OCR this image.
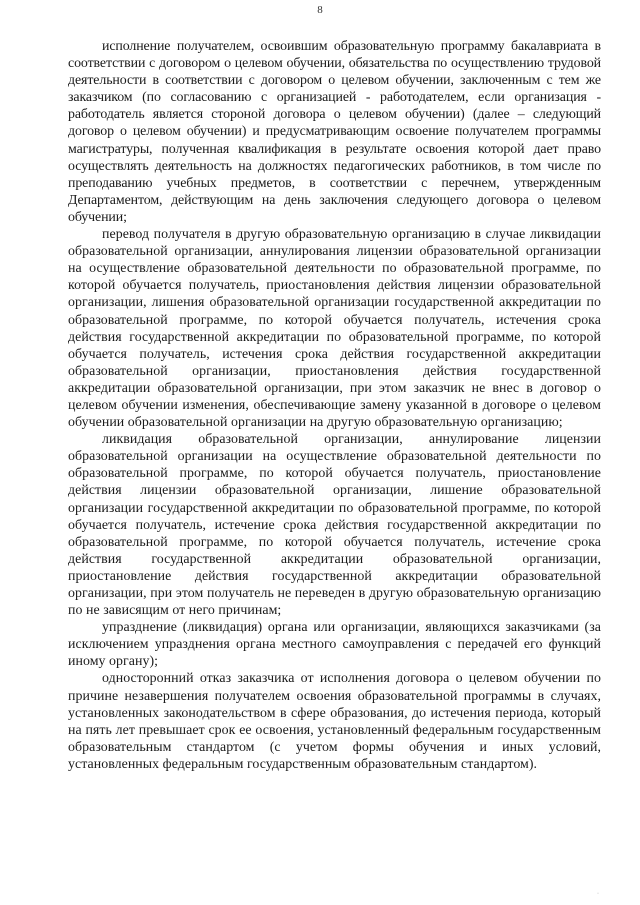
8

исполнение получателем, освоившим образовательную программу бакалавриата в соответствии с договором о целевом обучении, обязательства по осуществлению трудовой деятельности в соответствии с договором о целевом обучении, заключенным с тем же заказчиком (по согласованию с организацией - работодателем, если организация - работодатель является стороной договора о целевом обучении) (далее – следующий договор о целевом обучении) и предусматривающим освоение получателем программы магистратуры, полученная квалификация в результате освоения которой дает право осуществлять деятельность на должностях педагогических работников, в том числе по преподаванию учебных предметов, в соответствии с перечнем, утвержденным Департаментом, действующим на день заключения следующего договора о целевом обучении;

перевод получателя в другую образовательную организацию в случае ликвидации образовательной организации, аннулирования лицензии образовательной организации на осуществление образовательной деятельности по образовательной программе, по которой обучается получатель, приостановления действия лицензии образовательной организации, лишения образовательной организации государственной аккредитации по образовательной программе, по которой обучается получатель, истечения срока действия государственной аккредитации по образовательной программе, по которой обучается получатель, истечения срока действия государственной аккредитации образовательной организации, приостановления действия государственной аккредитации образовательной организации, при этом заказчик не внес в договор о целевом обучении изменения, обеспечивающие замену указанной в договоре о целевом обучении образовательной организации на другую образовательную организацию;

ликвидация образовательной организации, аннулирование лицензии образовательной организации на осуществление образовательной деятельности по образовательной программе, по которой обучается получатель, приостановление действия лицензии образовательной организации, лишение образовательной организации государственной аккредитации по образовательной программе, по которой обучается получатель, истечение срока действия государственной аккредитации по образовательной программе, по которой обучается получатель, истечение срока действия государственной аккредитации образовательной организации, приостановление действия государственной аккредитации образовательной организации, при этом получатель не переведен в другую образовательную организацию по не зависящим от него причинам;

упразднение (ликвидация) органа или организации, являющихся заказчиками (за исключением упразднения органа местного самоуправления с передачей его функций иному органу);

односторонний отказ заказчика от исполнения договора о целевом обучении по причине незавершения получателем освоения образовательной программы в случаях, установленных законодательством в сфере образования, до истечения периода, который на пять лет превышает срок ее освоения, установленный федеральным государственным образовательным стандартом (с учетом формы обучения и иных условий, установленных федеральным государственным образовательным стандартом).

·
